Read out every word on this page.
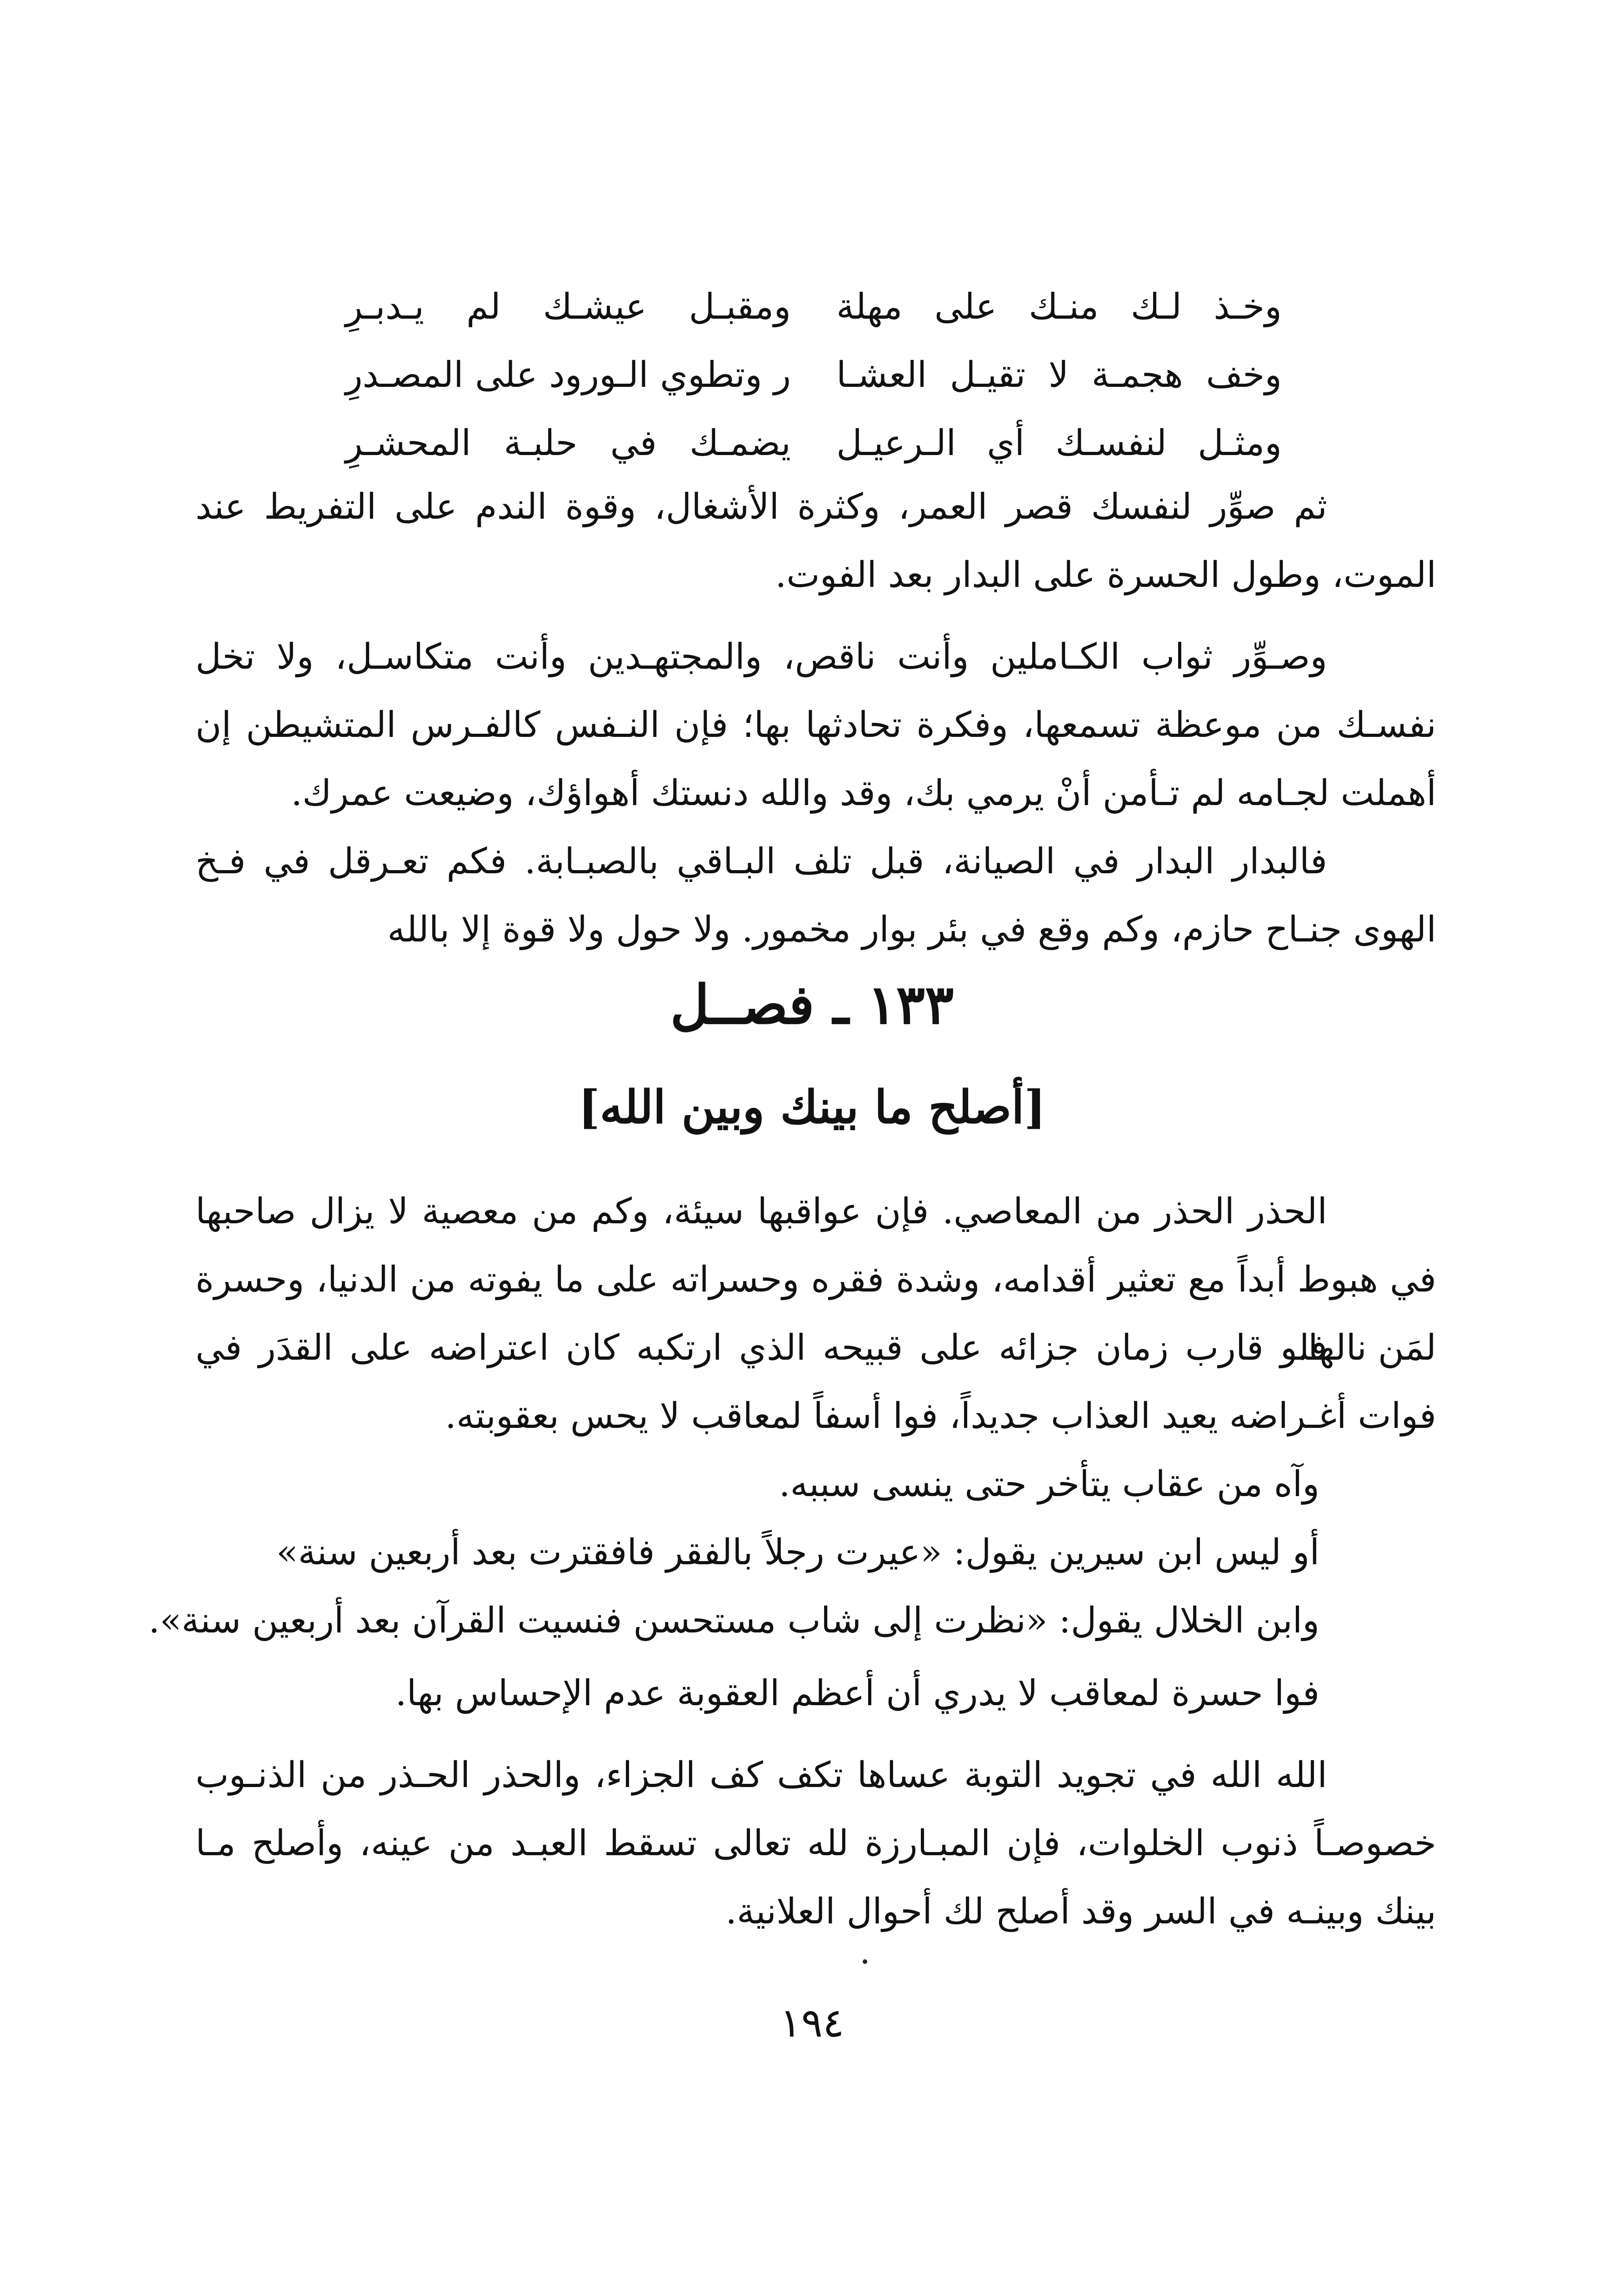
وخـذ لـك منـك على مهلة
ومقبـل عيشـك لم يـدبـرِ
وخف هجمـة لا تقيـل العشـا
ر وتطوي الـورود على المصـدرِ
ومثـل لنفسـك أي الـرعيـل
يضمـك في حلبـة المحشـرِ

ثم صوِّر لنفسك قصر العمر، وكثرة الأشغال، وقوة الندم على التفريط عند الموت، وطول الحسرة على البدار بعد الفوت.

وصـوِّر ثواب الكـاملين وأنت ناقص، والمجتهـدين وأنت متكاسـل، ولا تخل نفسـك من موعظة تسمعها، وفكرة تحادثها بها؛ فإن النـفس كالفـرس المتشيطن إن أهملت لجـامه لم تـأمن أنْ يرمي بك، وقد والله دنستك أهواؤك، وضيعت عمرك.

فالبدار البدار في الصيانة، قبل تلف البـاقي بالصبـابة. فكم تعـرقل في فـخ الهوى جنـاح حازم، وكم وقع في بئر بوار مخمور. ولا حول ولا قوة إلا بالله

١٣٣ ـ فصــل
[أصلح ما بينك وبين الله]

الحذر الحذر من المعاصي. فإن عواقبها سيئة، وكم من معصية لا يزال صاحبها في هبوط أبداً مع تعثير أقدامه، وشدة فقره وحسراته على ما يفوته من الدنيا، وحسرة لمَن نالها.

فلو قارب زمان جزائه على قبيحه الذي ارتكبه كان اعتراضه على القدَر في فوات أغـراضه يعيد العذاب جديداً، فوا أسفاً لمعاقب لا يحس بعقوبته.

وآه من عقاب يتأخر حتى ينسى سببه.
أو ليس ابن سيرين يقول: «عيرت رجلاً بالفقر فافقترت بعد أربعين سنة»
وابن الخلال يقول: «نظرت إلى شاب مستحسن فنسيت القرآن بعد أربعين سنة».
فوا حسرة لمعاقب لا يدري أن أعظم العقوبة عدم الإحساس بها.

الله الله في تجويد التوبة عساها تكف كف الجزاء، والحذر الحـذر من الذنـوب خصوصـاً ذنوب الخلوات، فإن المبـارزة لله تعالى تسقط العبـد من عينه، وأصلح مـا بينك وبينـه في السر وقد أصلح لك أحوال العلانية.

١٩٤
